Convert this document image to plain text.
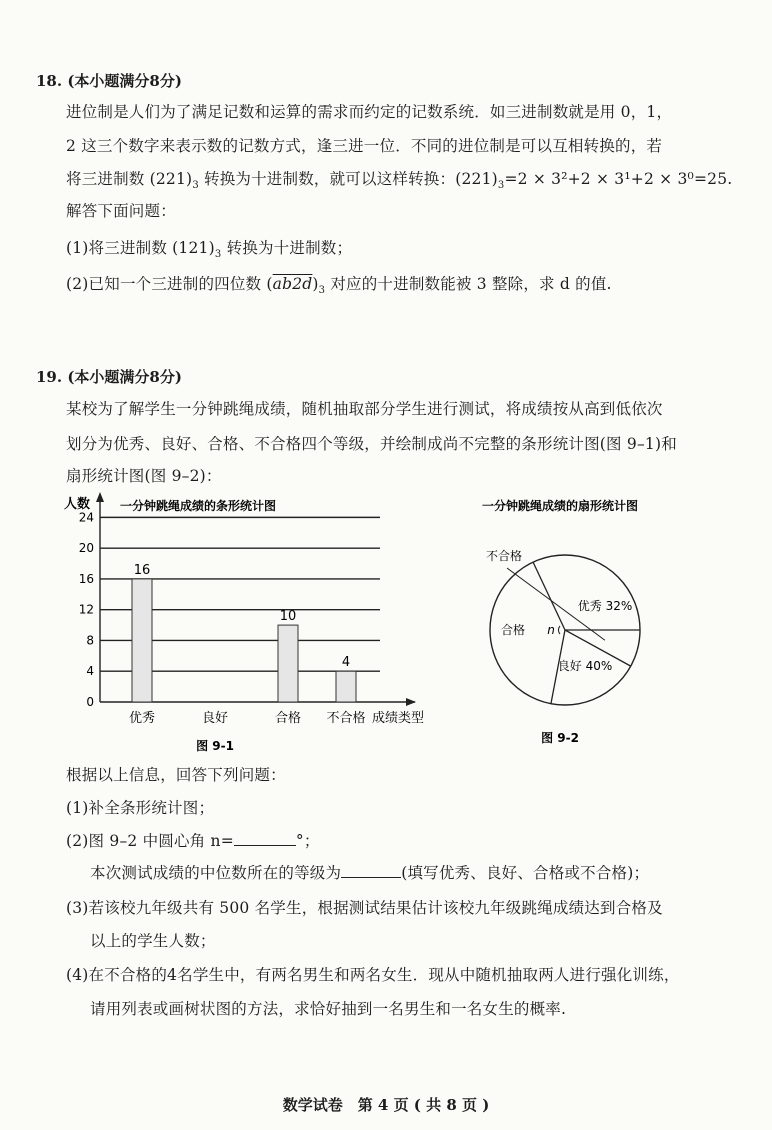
18. (本小题满分8分)
进位制是人们为了满足记数和运算的需求而约定的记数系统．如三进制数就是用 0，1，
2 这三个数字来表示数的记数方式，逢三进一位．不同的进位制是可以互相转换的，若
将三进制数 $(221)_3$ 转换为十进制数，就可以这样转换：$(221)_3=2 \times 3^2+2 \times 3^1+2 \times 3^0=25$.
解答下面问题：
(1)将三进制数 $(121)_3$ 转换为十进制数；
(2)已知一个三进制的四位数 $(ab2d)_3$ 对应的十进制数能被 3 整除，求 d 的值.
19. (本小题满分8分)
某校为了解学生一分钟跳绳成绩，随机抽取部分学生进行测试，将成绩按从高到低依次
划分为优秀、良好、合格、不合格四个等级，并绘制成尚不完整的条形统计图(图 9–1)和
扇形统计图(图 9–2)：
人数 一分钟跳绳成绩的条形统计图
0
4
8
12
16
20
24
成绩类型
16
优秀	良好
10
合格
4
不合格
图 9-1
一分钟跳绳成绩的扇形统计图
优秀 32%
良好 40%
合格 n
不合格
图 9-2
根据以上信息，回答下列问题：
(1)补全条形统计图；
(2)图 9–2 中圆心角 n=	°；
本次测试成绩的中位数所在的等级为	(填写优秀、良好、合格或不合格)；
(3)若该校九年级共有 500 名学生，根据测试结果估计该校九年级跳绳成绩达到合格及
以上的学生人数；
(4)在不合格的4名学生中，有两名男生和两名女生．现从中随机抽取两人进行强化训练，
请用列表或画树状图的方法，求恰好抽到一名男生和一名女生的概率.
数学试卷　第 4 页 ( 共 8 页 )
